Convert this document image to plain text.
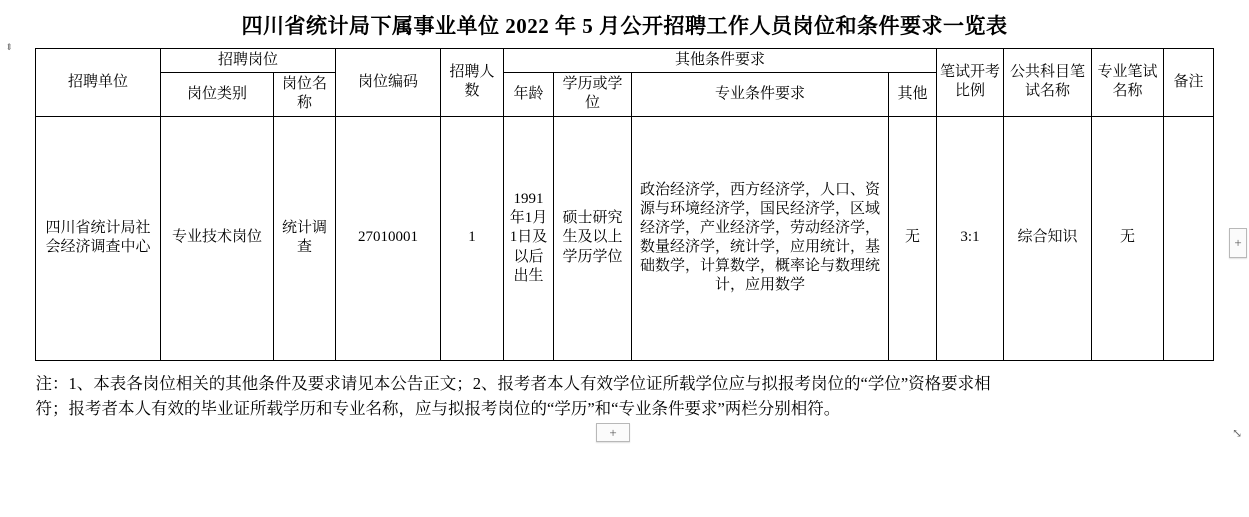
⇕
四川省统计局下属事业单位 2022 年 5 月公开招聘工作人员岗位和条件要求一览表
招聘单位	招聘岗位		岗位编码	招聘人数	其他条件要求				笔试开考比例	公共科目笔试名称	专业笔试名称	备注
	岗位类别	岗位名称			年龄	学历或学位	专业条件要求	其他				
四川省统计局社会经济调查中心	专业技术岗位	统计调查	27010001	1	1991年1月1日及以后出生	硕士研究生及以上学历学位	政治经济学，西方经济学，人口、资源与环境经济学，国民经济学，区域经济学，产业经济学，劳动经济学，数量经济学，统计学，应用统计，基础数学，计算数学，概率论与数理统计，应用数学	无	3:1	综合知识	无	
注：1、本表各岗位相关的其他条件及要求请见本公告正文；2、报考者本人有效学位证所载学位应与拟报考岗位的“学位”资格要求相
符；报考者本人有效的毕业证所载学历和专业名称，应与拟报考岗位的“学历”和“专业条件要求”两栏分别相符。
+
+	⤡
